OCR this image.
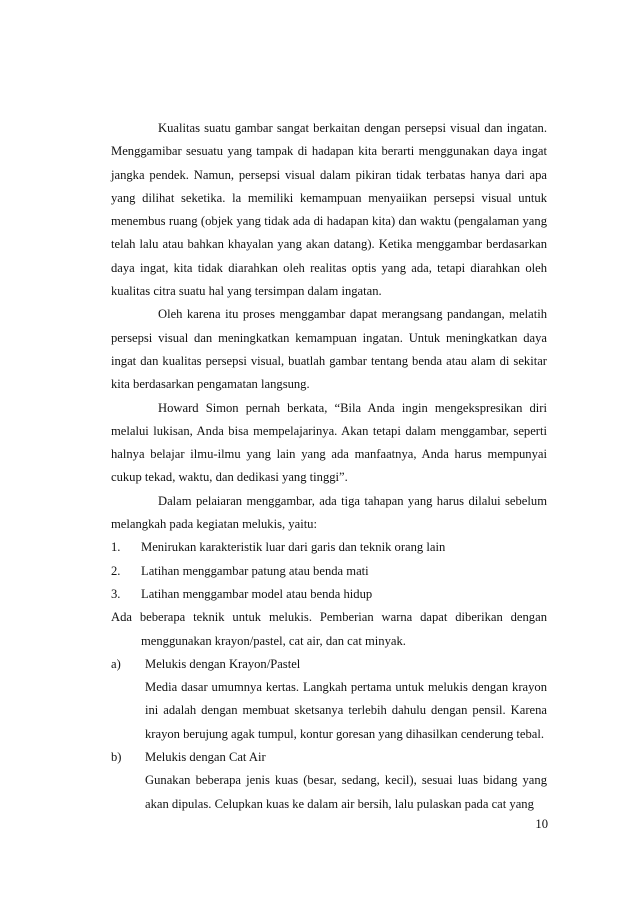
Kualitas suatu gambar sangat berkaitan dengan persepsi visual dan ingatan. Menggamibar sesuatu yang tampak di hadapan kita berarti menggunakan daya ingat jangka pendek. Namun, persepsi visual dalam pikiran tidak terbatas hanya dari apa yang dilihat seketika. la memiliki kemampuan menyaiikan persepsi visual untuk menembus ruang (objek yang tidak ada di hadapan kita) dan waktu (pengalaman yang telah lalu atau bahkan khayalan yang akan datang). Ketika menggambar berdasarkan daya ingat, kita tidak diarahkan oleh realitas optis yang ada, tetapi diarahkan oleh kualitas citra suatu hal yang tersimpan dalam ingatan.

Oleh karena itu proses menggambar dapat merangsang pandangan, melatih persepsi visual dan meningkatkan kemampuan ingatan. Untuk meningkatkan daya ingat dan kualitas persepsi visual, buatlah gambar tentang benda atau alam di sekitar kita berdasarkan pengamatan langsung.

Howard Simon pernah berkata, “Bila Anda ingin mengekspresikan diri melalui lukisan, Anda bisa mempelajarinya. Akan tetapi dalam menggambar, seperti halnya belajar ilmu-ilmu yang lain yang ada manfaatnya, Anda harus mempunyai cukup tekad, waktu, dan dedikasi yang tinggi”.

Dalam pelaiaran menggambar, ada tiga tahapan yang harus dilalui sebelum melangkah pada kegiatan melukis, yaitu:

1.	Menirukan karakteristik luar dari garis dan teknik orang lain
2.	Latihan menggambar patung atau benda mati
3.	Latihan menggambar model atau benda hidup

Ada beberapa teknik untuk melukis. Pemberian warna dapat diberikan dengan menggunakan krayon/pastel, cat air, dan cat minyak.

a)	Melukis dengan Krayon/Pastel

Media dasar umumnya kertas. Langkah pertama untuk melukis dengan krayon ini adalah dengan membuat sketsanya terlebih dahulu dengan pensil. Karena krayon berujung agak tumpul, kontur goresan yang dihasilkan cenderung tebal.

b)	Melukis dengan Cat Air

Gunakan beberapa jenis kuas (besar, sedang, kecil), sesuai luas bidang yang akan dipulas. Celupkan kuas ke dalam air bersih, lalu pulaskan pada cat yang

10
